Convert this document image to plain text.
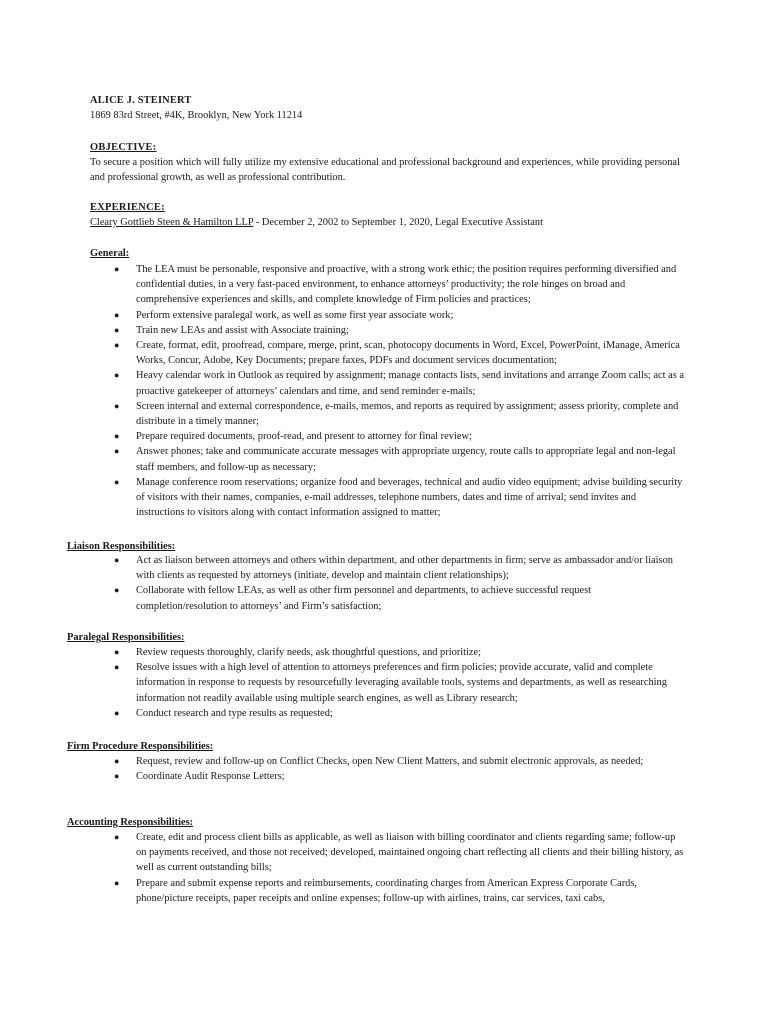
ALICE J. STEINERT
1869 83rd Street, #4K, Brooklyn, New York 11214
OBJECTIVE:
To secure a position which will fully utilize my extensive educational and professional background and experiences, while providing personal and professional growth, as well as professional contribution.
EXPERIENCE:
Cleary Gottlieb Steen & Hamilton LLP - December 2, 2002 to September 1, 2020, Legal Executive Assistant
General:
● The LEA must be personable, responsive and proactive, with a strong work ethic; the position requires performing diversified and confidential duties, in a very fast-paced environment, to enhance attorneys’ productivity; the role hinges on broad and comprehensive experiences and skills, and complete knowledge of Firm policies and practices;
● Perform extensive paralegal work, as well as some first year associate work;
● Train new LEAs and assist with Associate training;
● Create, format, edit, proofread, compare, merge, print, scan, photocopy documents in Word, Excel, PowerPoint, iManage, America Works, Concur, Adobe, Key Documents; prepare faxes, PDFs and document services documentation;
● Heavy calendar work in Outlook as required by assignment; manage contacts lists, send invitations and arrange Zoom calls; act as a proactive gatekeeper of attorneys’ calendars and time, and send reminder e-mails;
● Screen internal and external correspondence, e-mails, memos, and reports as required by assignment; assess priority, complete and distribute in a timely manner;
● Prepare required documents, proof-read, and present to attorney for final review;
● Answer phones; take and communicate accurate messages with appropriate urgency, route calls to appropriate legal and non-legal staff members, and follow-up as necessary;
● Manage conference room reservations; organize food and beverages, technical and audio video equipment; advise building security of visitors with their names, companies, e-mail addresses, telephone numbers, dates and time of arrival; send invites and instructions to visitors along with contact information assigned to matter;
Liaison Responsibilities:
● Act as liaison between attorneys and others within department, and other departments in firm; serve as ambassador and/or liaison with clients as requested by attorneys (initiate, develop and maintain client relationships);
● Collaborate with fellow LEAs, as well as other firm personnel and departments, to achieve successful request completion/resolution to attorneys’ and Firm’s satisfaction;
Paralegal Responsibilities:
● Review requests thoroughly, clarify needs, ask thoughtful questions, and prioritize;
● Resolve issues with a high level of attention to attorneys preferences and firm policies; provide accurate, valid and complete information in response to requests by resourcefully leveraging available tools, systems and departments, as well as researching information not readily available using multiple search engines, as well as Library research;
● Conduct research and type results as requested;
Firm Procedure Responsibilities:
● Request, review and follow-up on Conflict Checks, open New Client Matters, and submit electronic approvals, as needed;
● Coordinate Audit Response Letters;
Accounting Responsibilities:
● Create, edit and process client bills as applicable, as well as liaison with billing coordinator and clients regarding same; follow-up on payments received, and those not received; developed, maintained ongoing chart reflecting all clients and their billing history, as well as current outstanding bills;
● Prepare and submit expense reports and reimbursements, coordinating charges from American Express Corporate Cards, phone/picture receipts, paper receipts and online expenses; follow-up with airlines, trains, car services, taxi cabs,
